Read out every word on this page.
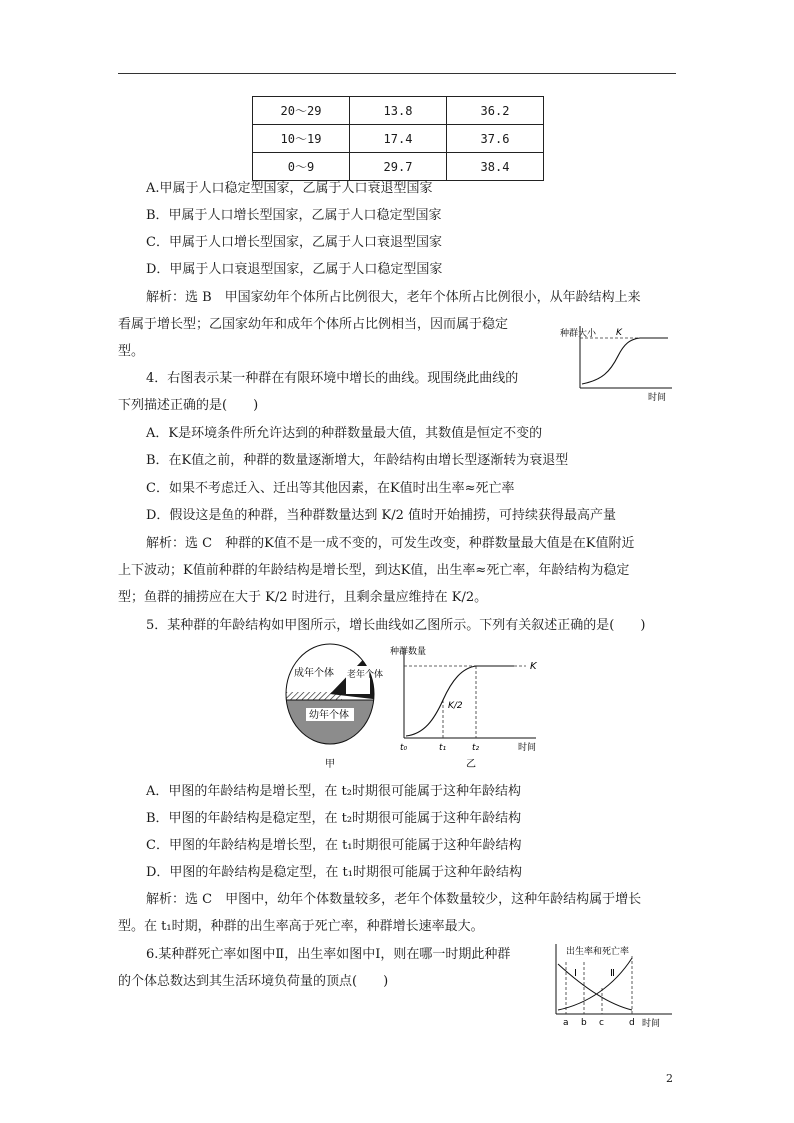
20～29	13.8	36.2
10～19	17.4	37.6
0～9	29.7	38.4
A.甲属于人口稳定型国家，乙属于人口衰退型国家
B．甲属于人口增长型国家，乙属于人口稳定型国家
C．甲属于人口增长型国家，乙属于人口衰退型国家
D．甲属于人口衰退型国家，乙属于人口稳定型国家
解析：选 B　甲国家幼年个体所占比例很大，老年个体所占比例很小，从年龄结构上来
看属于增长型；乙国家幼年和成年个体所占比例相当，因而属于稳定
型。
种群大小 K
时间
4．右图表示某一种群在有限环境中增长的曲线。现围绕此曲线的
下列描述正确的是(　　)
A．K是环境条件所允许达到的种群数量最大值，其数值是恒定不变的
B．在K值之前，种群的数量逐渐增大，年龄结构由增长型逐渐转为衰退型
C．如果不考虑迁入、迁出等其他因素，在K值时出生率≈死亡率
D．假设这是鱼的种群，当种群数量达到 K/2 值时开始捕捞，可持续获得最高产量
解析：选 C　种群的K值不是一成不变的，可发生改变，种群数量最大值是在K值附近
上下波动；K值前种群的年龄结构是增长型，到达K值，出生率≈死亡率，年龄结构为稳定
型；鱼群的捕捞应在大于 K/2 时进行，且剩余量应维持在 K/2。
5．某种群的年龄结构如甲图所示，增长曲线如乙图所示。下列有关叙述正确的是(　　)
成年个体 老年个体
幼年个体
甲
种群数量
K
K/2
t₀	t₁	t₂	时间
乙
A．甲图的年龄结构是增长型，在 t₂时期很可能属于这种年龄结构
B．甲图的年龄结构是稳定型，在 t₂时期很可能属于这种年龄结构
C．甲图的年龄结构是增长型，在 t₁时期很可能属于这种年龄结构
D．甲图的年龄结构是稳定型，在 t₁时期很可能属于这种年龄结构
解析：选 C　甲图中，幼年个体数量较多，老年个体数量较少，这种年龄结构属于增长
型。在 t₁时期，种群的出生率高于死亡率，种群增长速率最大。
6.某种群死亡率如图中Ⅱ，出生率如图中Ⅰ，则在哪一时期此种群
的个体总数达到其生活环境负荷量的顶点(　　)
出生率和死亡率
Ⅰ	Ⅱ
a b c	d 时间
2
